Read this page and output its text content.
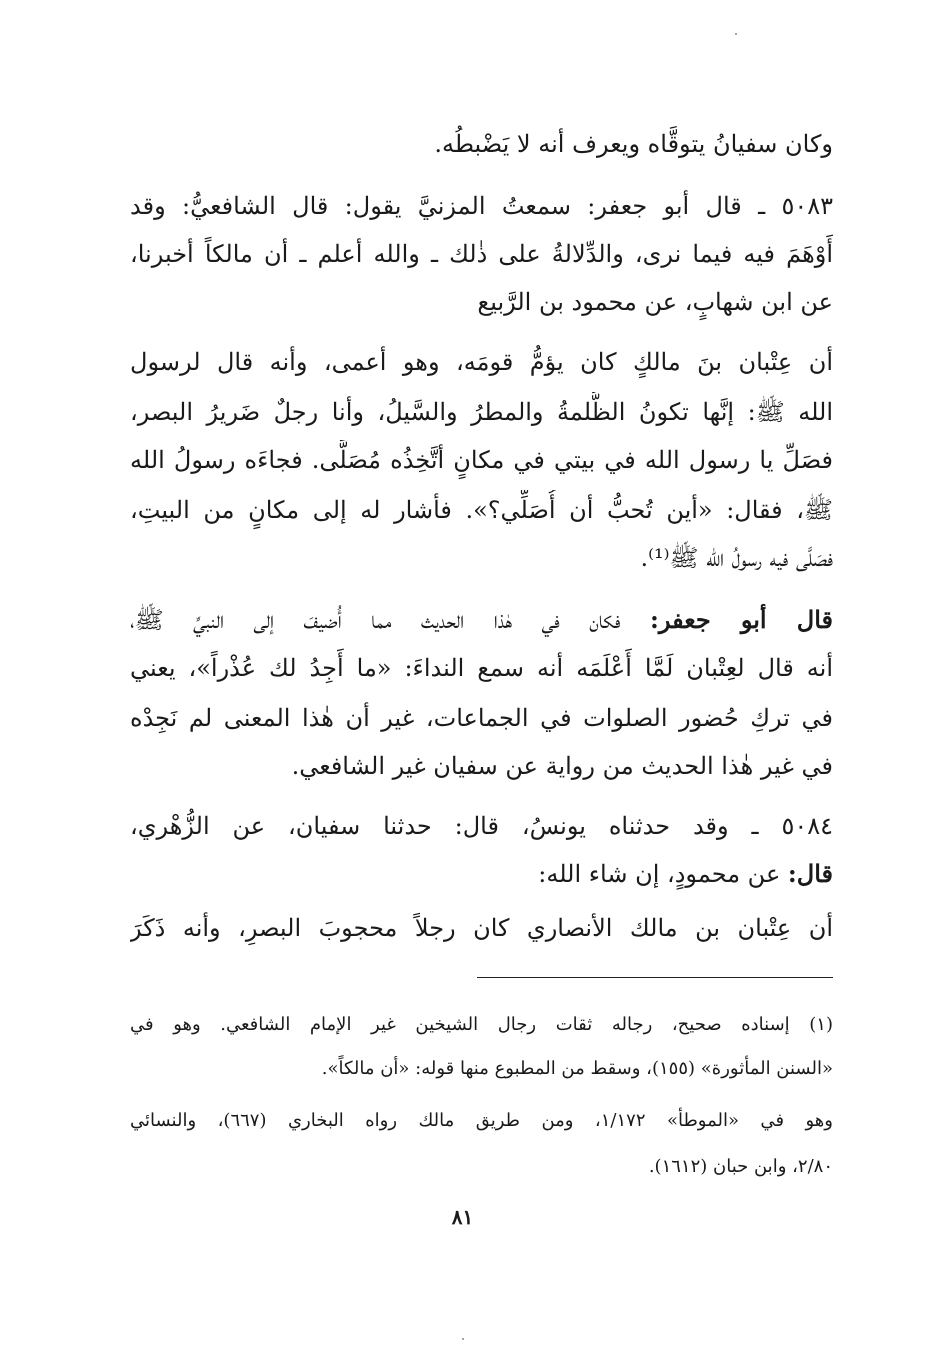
وكان سفيانُ يتوقَّاه ويعرف أنه لا يَضْبطُه.
٥٠٨٣ ـ قال أبو جعفر: سمعتُ المزنيَّ يقول: قال الشافعيُّ: وقد
أَوْهَمَ فيه فيما نرى، والدِّلالةُ على ذٰلك ـ والله أعلم ـ أن مالكاً أخبرنا،
عن ابن شهابٍ، عن محمود بن الرَّبيع
أن عِتْبان بنَ مالكٍ كان يؤمُّ قومَه، وهو أعمى، وأنه قال لرسول
الله ﷺ: إنَّها تكونُ الظُّلمةُ والمطرُ والسَّيلُ، وأنا رجلٌ ضَريرُ البصر،
فصَلِّ يا رسول الله في بيتي في مكانٍ أتَّخِذُه مُصَلَّى. فجاءَه رسولُ الله
ﷺ، فقال: «أين تُحبُّ أن أُصَلِّي؟». فأشار له إلى مكانٍ من البيتِ،
فصَلَّى فيه رسولُ الله ﷺ⁽¹⁾.
قال أبو جعفر: فكان في هٰذا الحديث مما أُضيفَ إلى النبيِّ ﷺ،
أنه قال لعِتْبان لَمَّا أَعْلَمَه أنه سمع النداءَ: «ما أَجِدُ لك عُذْراً»، يعني
في تركِ حُضور الصلوات في الجماعات، غير أن هٰذا المعنى لم نَجِدْه
في غير هٰذا الحديث من رواية عن سفيان غير الشافعي.
٥٠٨٤ ـ وقد حدثناه يونسُ، قال: حدثنا سفيان، عن الزُّهْري،
قال: عن محمودٍ، إن شاء الله:
أن عِتْبان بن مالك الأنصاري كان رجلاً محجوبَ البصرِ، وأنه ذَكَرَ
(١) إسناده صحيح، رجاله ثقات رجال الشيخين غير الإمام الشافعي. وهو في
«السنن المأثورة» (١٥٥)، وسقط من المطبوع منها قوله: «أن مالكاً».
وهو في «الموطأ» ١/١٧٢، ومن طريق مالك رواه البخاري (٦٦٧)، والنسائي
٢/٨٠، وابن حبان (١٦١٢).
٨١
